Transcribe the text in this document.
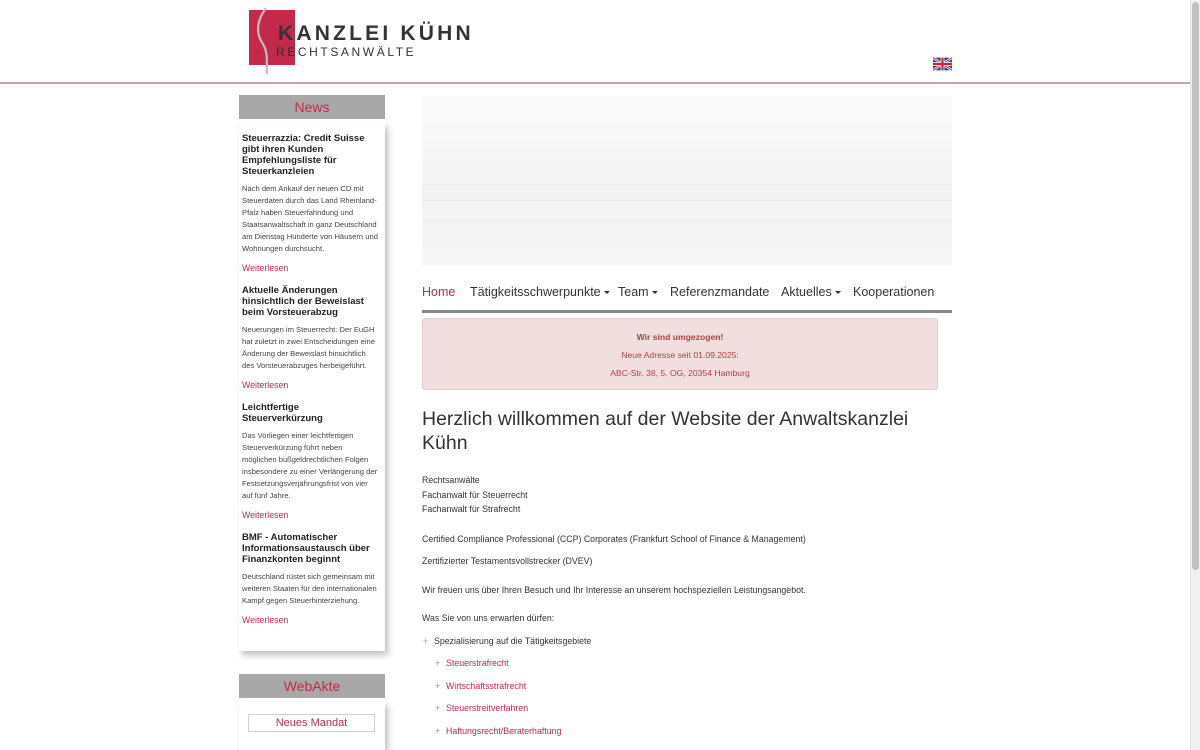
KANZLEI KÜHN
RECHTSANWÄLTE
News
Steuerrazzia: Credit Suisse gibt ihren Kunden Empfehlungsliste für Steuerkanzleien
Nach dem Ankauf der neuen CD mit Steuerdaten durch das Land Rheinland-Pfalz haben Steuerfahndung und Staatsanwaltschaft in ganz Deutschland am Dienstag Hunderte von Häusern und Wohnungen durchsucht.
Weiterlesen
Aktuelle Änderungen hinsichtlich der Beweislast beim Vorsteuerabzug
Neuerungen im Steuerrecht: Der EuGH hat zuletzt in zwei Entscheidungen eine Änderung der Beweislast hinsichtlich des Vorsteuerabzuges herbeigeführt.
Weiterlesen
Leichtfertige Steuerverkürzung
Das Vorliegen einer leichtfertigen Steuerverkürzung führt neben möglichen bußgeldrechtlichen Folgen insbesondere zu einer Verlängerung der Festsetzungsverjährungsfrist von vier auf fünf Jahre.
Weiterlesen
BMF - Automatischer Informationsaustausch über Finanzkonten beginnt
Deutschland rüstet sich gemeinsam mit weiteren Staaten für den internationalen Kampf gegen Steuerhinterziehung.
Weiterlesen
WebAkte
Neues Mandat
Home Tätigkeitsschwerpunkte	Team	Referenzmandate Aktuelles	Kooperationen
Wir sind umgezogen!
Neue Adresse seit 01.09.2025:
ABC-Str. 38, 5. OG, 20354 Hamburg
Herzlich willkommen auf der Website der Anwaltskanzlei Kühn
Rechtsanwälte
Fachanwalt für Steuerrecht
Fachanwalt für Strafrecht
Certified Compliance Professional (CCP) Corporates (Frankfurt School of Finance & Management)
Zertifizierter Testamentsvollstrecker (DVEV)
Wir freuen uns über Ihren Besuch und Ihr Interesse an unserem hochspeziellen Leistungsangebot.
Was Sie von uns erwarten dürfen:
+ Spezialisierung auf die Tätigkeitsgebiete
+ Steuerstrafrecht
+ Wirtschaftsstrafrecht
+ Steuerstreitverfahren
+ Haftungsrecht/Beraterhaftung
